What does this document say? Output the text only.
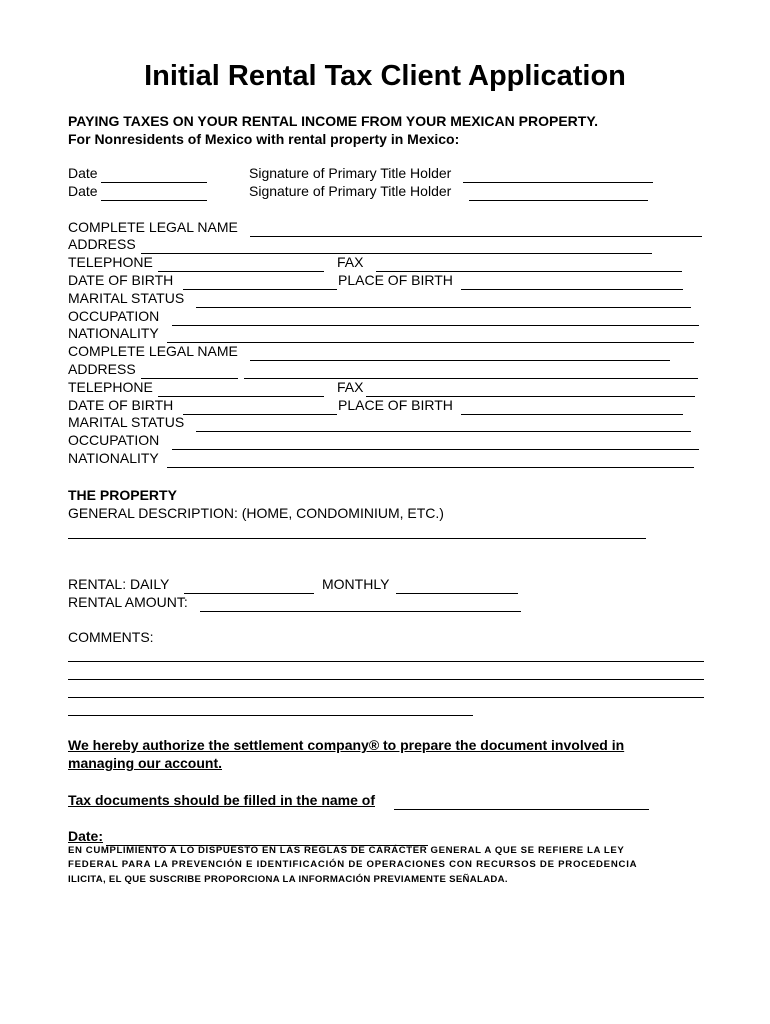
Initial Rental Tax Client Application
PAYING TAXES ON YOUR RENTAL INCOME FROM YOUR MEXICAN PROPERTY.
For Nonresidents of Mexico with rental property in Mexico:
Date	Signature of Primary Title Holder
Date	Signature of Primary Title Holder
COMPLETE LEGAL NAME
ADDRESS
TELEPHONE	FAX
DATE OF BIRTH	PLACE OF BIRTH
MARITAL STATUS
OCCUPATION
NATIONALITY
COMPLETE LEGAL NAME
ADDRESS
TELEPHONE	FAX
DATE OF BIRTH	PLACE OF BIRTH
MARITAL STATUS
OCCUPATION
NATIONALITY
THE PROPERTY
GENERAL DESCRIPTION: (HOME, CONDOMINIUM, ETC.)
RENTAL: DAILY	MONTHLY
RENTAL AMOUNT:
COMMENTS:
We hereby authorize the settlement company® to prepare the document involved in
managing our account.
Tax documents should be filled in the name of
Date:
EN CUMPLIMIENTO A LO DISPUESTO EN LAS REGLAS DE CARÁCTER GENERAL A QUE SE REFIERE LA LEY
FEDERAL PARA LA PREVENCIÓN E IDENTIFICACIÓN DE OPERACIONES CON RECURSOS DE PROCEDENCIA
ILICITA, EL QUE SUSCRIBE PROPORCIONA LA INFORMACIÓN PREVIAMENTE SEÑALADA.
